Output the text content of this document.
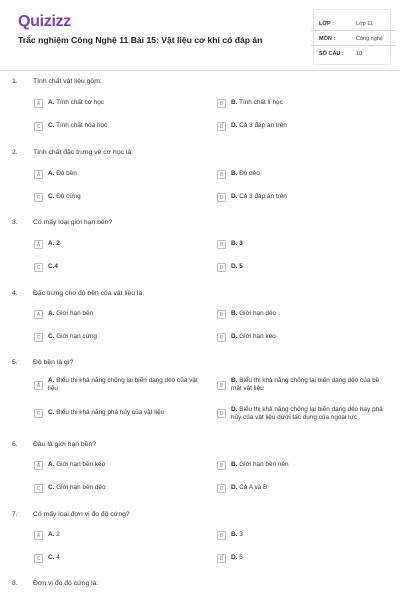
Quizizz
Trắc nghiệm Công Nghệ 11 Bài 15: Vật liệu cơ khí có đáp án
LỚP :	Lớp 11
MÔN :	Công nghệ
SỐ CÂU : 10
1. Tính chất vật liệu gồm:
A	A. Tính chất cơ học	B	B. Tính chất lí học
C	C. Tính chất hóa học	D	D. Cả 3 đáp án trên
2. Tính chất đặc trưng về cơ học là:
A	A. Độ bền	B	B. Độ dẻo
C	C. Độ cứng	D	D. Cả 3 đáp án trên
3. Có mấy loại giới hạn bền?
A	A. 2	B	B. 3
C	C.4	D	D. 5
4. Đặc trưng cho độ bền của vật liệu là:
A	A. Giới hạn bền	B	B. Giới hạn dẻo
C	C. Giới hạn cứng	D	D. Giới hạn kéo
5. Độ bền là gì?
A
A. Biểu thị khả năng chống lại biến dạng dẻo của vật liệu	B
B. Biểu thị khả năng chống lại biến dạng dẻo của bề mặt vật liệu
C	C. Biểu thị khả năng phá hủy của vật liệu	D
D. Biểu thị khả năng chống lại biến dạng dẻo hay phá hủy của vật liệu dưới tác dụng của ngoại lực
6. Đâu là giới hạn bền?
A	A. Giới hạn bền kéo	B	B. Giới hạn bền nén
C	C. Giới hạn bền dẻo	D	D. Cả A và B
7. Có mấy loại đơn vị đo độ cứng?
A	A. 2	B	B. 3
C	C. 4	D	D. 5
8. Đơn vị đo độ cứng là:
